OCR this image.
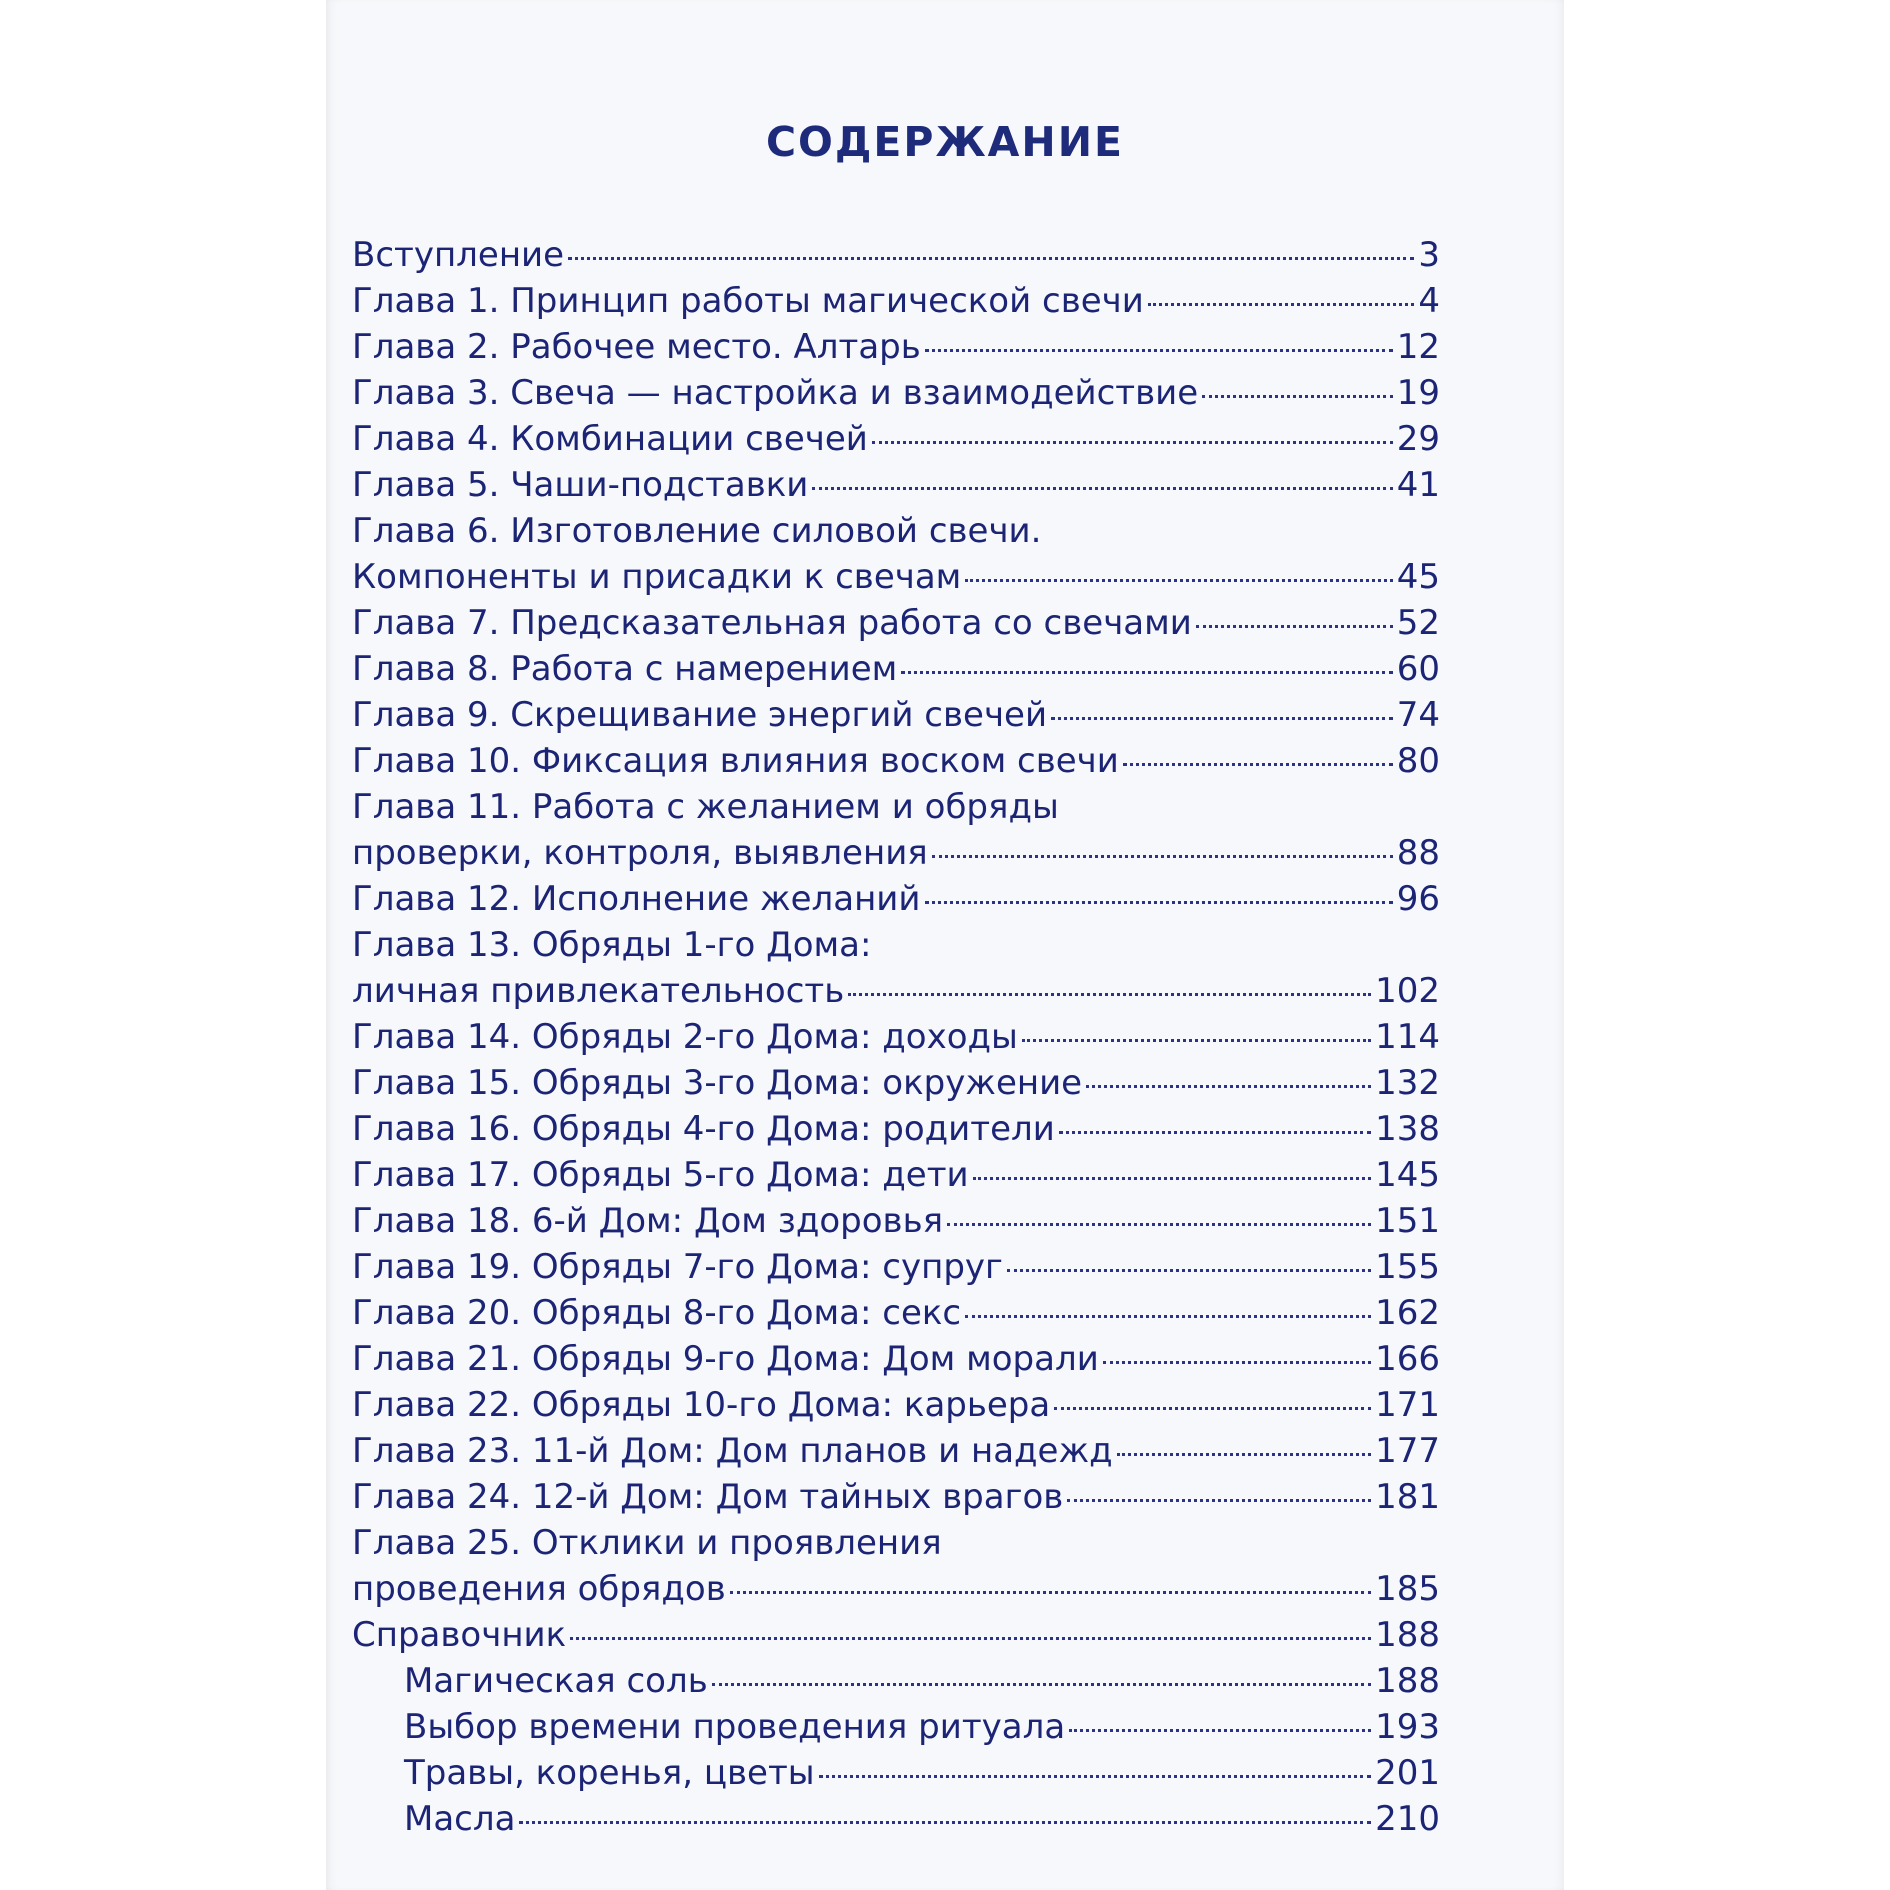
СОДЕРЖАНИЕ
Вступление	3
Глава 1. Принцип работы магической свечи	4
Глава 2. Рабочее место. Алтарь	12
Глава 3. Свеча — настройка и взаимодействие	19
Глава 4. Комбинации свечей	29
Глава 5. Чаши-подставки	41
Глава 6. Изготовление силовой свечи.
Компоненты и присадки к свечам	45
Глава 7. Предсказательная работа со свечами	52
Глава 8. Работа с намерением	60
Глава 9. Скрещивание энергий свечей	74
Глава 10. Фиксация влияния воском свечи	80
Глава 11. Работа с желанием и обряды
проверки, контроля, выявления	88
Глава 12. Исполнение желаний	96
Глава 13. Обряды 1-го Дома:
личная привлекательность	102
Глава 14. Обряды 2-го Дома: доходы	114
Глава 15. Обряды 3-го Дома: окружение	132
Глава 16. Обряды 4-го Дома: родители	138
Глава 17. Обряды 5-го Дома: дети	145
Глава 18. 6-й Дом: Дом здоровья	151
Глава 19. Обряды 7-го Дома: супруг	155
Глава 20. Обряды 8-го Дома: секс	162
Глава 21. Обряды 9-го Дома: Дом морали	166
Глава 22. Обряды 10-го Дома: карьера	171
Глава 23. 11-й Дом: Дом планов и надежд	177
Глава 24. 12-й Дом: Дом тайных врагов	181
Глава 25. Отклики и проявления
проведения обрядов	185
Справочник	188
Магическая соль	188
Выбор времени проведения ритуала	193
Травы, коренья, цветы	201
Масла	210
